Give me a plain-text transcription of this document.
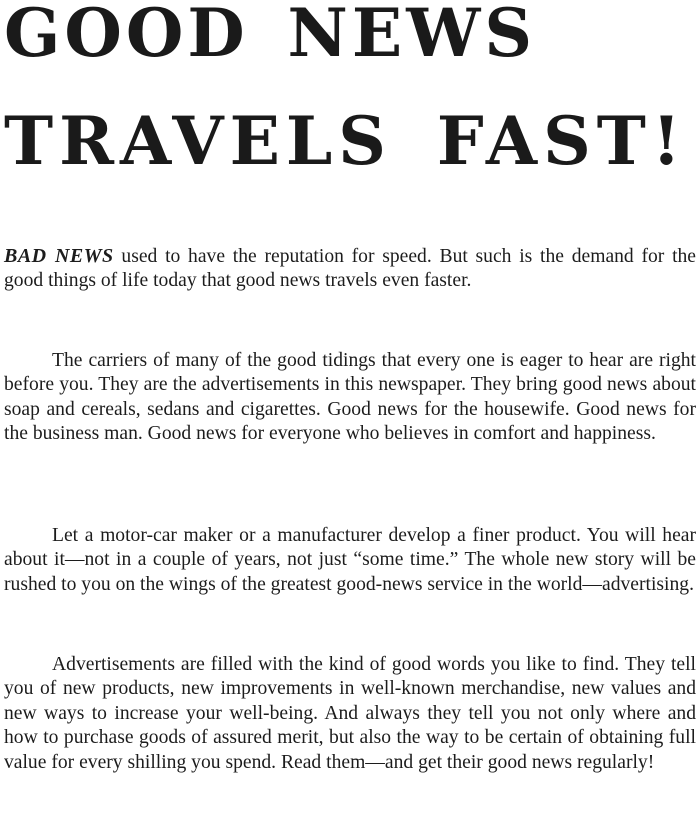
GOOD NEWS
TRAVELS FAST!

BAD NEWS used to have the reputation for speed. But such is the demand for the good things of life today that good news travels even faster.

The carriers of many of the good tidings that every one is eager to hear are right before you. They are the advertisements in this newspaper. They bring good news about soap and cereals, sedans and cigarettes. Good news for the housewife. Good news for the business man. Good news for everyone who believes in comfort and happiness.

Let a motor-car maker or a manufacturer develop a finer product. You will hear about it—not in a couple of years, not just “some time.” The whole new story will be rushed to you on the wings of the greatest good-news service in the world—advertising.

Advertisements are filled with the kind of good words you like to find. They tell you of new products, new improvements in well-known merchandise, new values and new ways to increase your well-being. And always they tell you not only where and how to purchase goods of assured merit, but also the way to be certain of obtaining full value for every shilling you spend. Read them—and get their good news regularly!
